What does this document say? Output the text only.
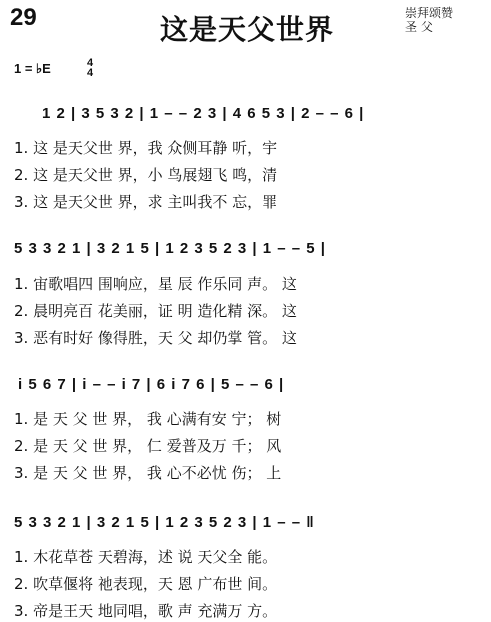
29	这是天父世界	崇拜颂赞
圣 父
1 = ♭E	4
4
1 2 | 3 5 3 2 | 1 – – 2 3 | 4 6 5 3 | 2 – – 6 |
1. 这 是天父世 界，我 众侧耳静 听，宇
2. 这 是天父世 界，小 鸟展翅飞 鸣，清
3. 这 是天父世 界，求 主叫我不 忘，罪
5 3 3 2 1 | 3 2 1 5 | 1 2 3 5 2 3 | 1 – – 5 |
1. 宙歌唱四 围响应，星 辰 作乐同 声。 这
2. 晨明亮百 花美丽，证 明 造化精 深。 这
3. 恶有时好 像得胜，天 父 却仍掌 管。 这
i 5 6 7 | i – – i 7 | 6 i 7 6 | 5 – – 6 |
1. 是 天 父 世 界， 我 心满有安 宁； 树
2. 是 天 父 世 界， 仁 爱普及万 千； 风
3. 是 天 父 世 界， 我 心不必忧 伤； 上
5 3 3 2 1 | 3 2 1 5 | 1 2 3 5 2 3 | 1 – – ‖
1. 木花草苍 天碧海，述 说 天父全 能。
2. 吹草偃将 祂表现，天 恩 广布世 间。
3. 帝是王天 地同唱，歌 声 充满万 方。
